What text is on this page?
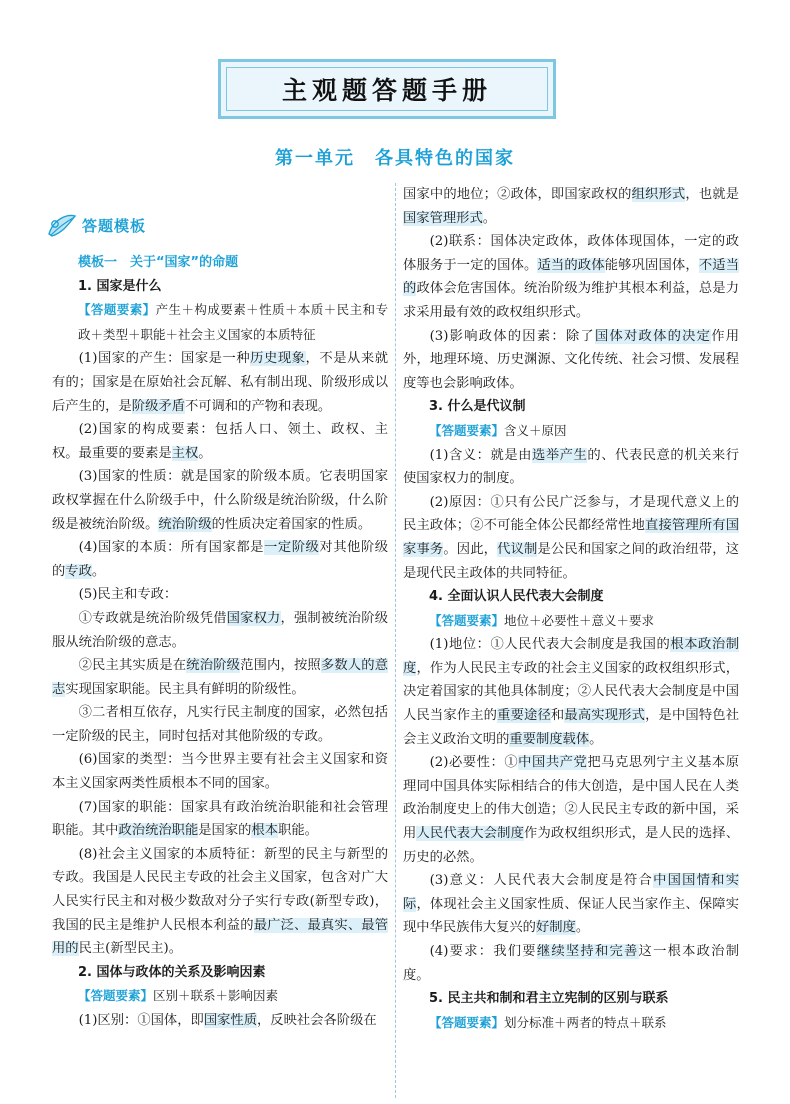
主观题答题手册
第一单元　各具特色的国家
答题模板
模板一　关于“国家”的命题
1. 国家是什么

【答题要素】产生＋构成要素＋性质＋本质＋民主和专政＋类型＋职能＋社会主义国家的本质特征

(1)国家的产生：国家是一种历史现象，不是从来就有的；国家是在原始社会瓦解、私有制出现、阶级形成以后产生的，是阶级矛盾不可调和的产物和表现。

(2)国家的构成要素：包括人口、领土、政权、主权。最重要的要素是主权。

(3)国家的性质：就是国家的阶级本质。它表明国家政权掌握在什么阶级手中，什么阶级是统治阶级，什么阶级是被统治阶级。统治阶级的性质决定着国家的性质。

(4)国家的本质：所有国家都是一定阶级对其他阶级的专政。

(5)民主和专政：

①专政就是统治阶级凭借国家权力，强制被统治阶级服从统治阶级的意志。

②民主其实质是在统治阶级范围内，按照多数人的意志实现国家职能。民主具有鲜明的阶级性。

③二者相互依存，凡实行民主制度的国家，必然包括一定阶级的民主，同时包括对其他阶级的专政。

(6)国家的类型：当今世界主要有社会主义国家和资本主义国家两类性质根本不同的国家。

(7)国家的职能：国家具有政治统治职能和社会管理职能。其中政治统治职能是国家的根本职能。

(8)社会主义国家的本质特征：新型的民主与新型的专政。我国是人民民主专政的社会主义国家，包含对广大人民实行民主和对极少数敌对分子实行专政(新型专政)，我国的民主是维护人民根本利益的最广泛、最真实、最管用的民主(新型民主)。

2. 国体与政体的关系及影响因素

【答题要素】区别＋联系＋影响因素

(1)区别：①国体，即国家性质，反映社会各阶级在

国家中的地位；②政体，即国家政权的组织形式，也就是国家管理形式。

(2)联系：国体决定政体，政体体现国体，一定的政体服务于一定的国体。适当的政体能够巩固国体，不适当的政体会危害国体。统治阶级为维护其根本利益，总是力求采用最有效的政权组织形式。

(3)影响政体的因素：除了国体对政体的决定作用外，地理环境、历史渊源、文化传统、社会习惯、发展程度等也会影响政体。

3. 什么是代议制

【答题要素】含义＋原因

(1)含义：就是由选举产生的、代表民意的机关来行使国家权力的制度。

(2)原因：①只有公民广泛参与，才是现代意义上的民主政体；②不可能全体公民都经常性地直接管理所有国家事务。因此，代议制是公民和国家之间的政治纽带，这是现代民主政体的共同特征。

4. 全面认识人民代表大会制度

【答题要素】地位＋必要性＋意义＋要求

(1)地位：①人民代表大会制度是我国的根本政治制度，作为人民民主专政的社会主义国家的政权组织形式，决定着国家的其他具体制度；②人民代表大会制度是中国人民当家作主的重要途径和最高实现形式，是中国特色社会主义政治文明的重要制度载体。

(2)必要性：①中国共产党把马克思列宁主义基本原理同中国具体实际相结合的伟大创造，是中国人民在人类政治制度史上的伟大创造；②人民民主专政的新中国，采用人民代表大会制度作为政权组织形式，是人民的选择、历史的必然。

(3)意义：人民代表大会制度是符合中国国情和实际，体现社会主义国家性质、保证人民当家作主、保障实现中华民族伟大复兴的好制度。

(4)要求：我们要继续坚持和完善这一根本政治制度。

5. 民主共和制和君主立宪制的区别与联系

【答题要素】划分标准＋两者的特点＋联系
